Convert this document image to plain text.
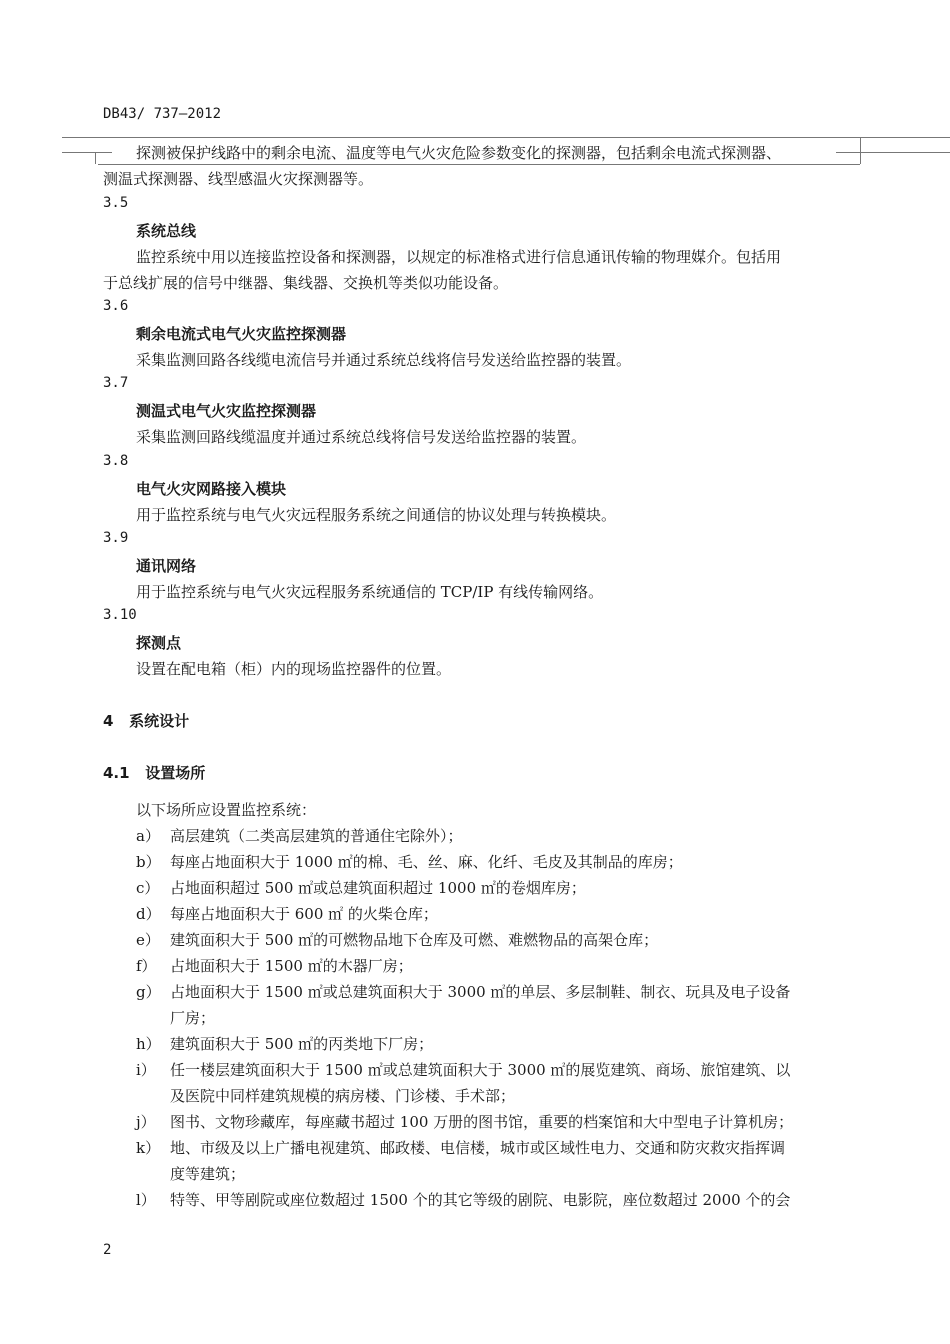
DB43/ 737—2012
探测被保护线路中的剩余电流、温度等电气火灾危险参数变化的探测器，包括剩余电流式探测器、
测温式探测器、线型感温火灾探测器等。
3.5
系统总线
监控系统中用以连接监控设备和探测器，以规定的标准格式进行信息通讯传输的物理媒介。包括用
于总线扩展的信号中继器、集线器、交换机等类似功能设备。
3.6
剩余电流式电气火灾监控探测器
采集监测回路各线缆电流信号并通过系统总线将信号发送给监控器的装置。
3.7
测温式电气火灾监控探测器
采集监测回路线缆温度并通过系统总线将信号发送给监控器的装置。
3.8
电气火灾网路接入模块
用于监控系统与电气火灾远程服务系统之间通信的协议处理与转换模块。
3.9
通讯网络
用于监控系统与电气火灾远程服务系统通信的 TCP/IP 有线传输网络。
3.10
探测点
设置在配电箱（柜）内的现场监控器件的位置。
4   系统设计
4.1   设置场所
以下场所应设置监控系统：
a） 高层建筑（二类高层建筑的普通住宅除外）；
b） 每座占地面积大于 1000 ㎡的棉、毛、丝、麻、化纤、毛皮及其制品的库房；
c） 占地面积超过 500 ㎡或总建筑面积超过 1000 ㎡的卷烟库房；
d） 每座占地面积大于 600 ㎡ 的火柴仓库；
e） 建筑面积大于 500 ㎡的可燃物品地下仓库及可燃、难燃物品的高架仓库；
f） 占地面积大于 1500 ㎡的木器厂房；
g） 占地面积大于 1500 ㎡或总建筑面积大于 3000 ㎡的单层、多层制鞋、制衣、玩具及电子设备
厂房；
h） 建筑面积大于 500 ㎡的丙类地下厂房；
i） 任一楼层建筑面积大于 1500 ㎡或总建筑面积大于 3000 ㎡的展览建筑、商场、旅馆建筑、以
及医院中同样建筑规模的病房楼、门诊楼、手术部；
j） 图书、文物珍藏库，每座藏书超过 100 万册的图书馆，重要的档案馆和大中型电子计算机房；
k） 地、市级及以上广播电视建筑、邮政楼、电信楼，城市或区域性电力、交通和防灾救灾指挥调
度等建筑；
l） 特等、甲等剧院或座位数超过 1500 个的其它等级的剧院、电影院，座位数超过 2000 个的会
2
